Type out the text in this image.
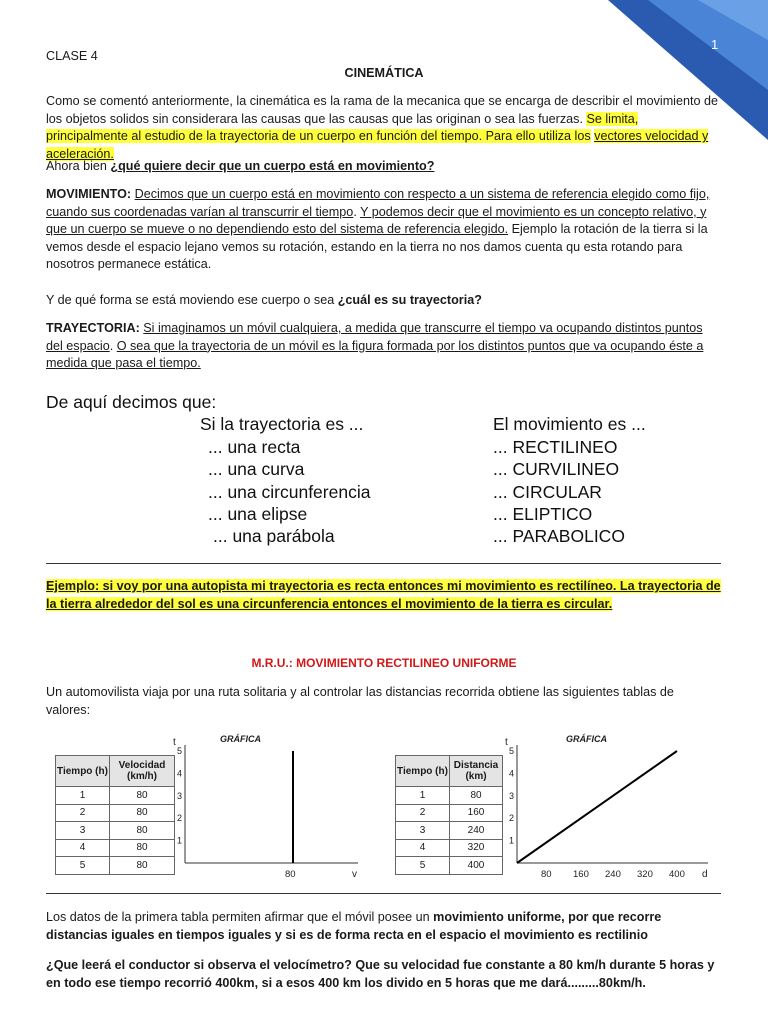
1
CLASE 4
CINEMÁTICA
Como se comentó anteriormente, la cinemática es la rama de la mecanica que se encarga de describir el movimiento de los objetos solidos sin considerara las causas que las causas que las originan o sea las fuerzas. Se limita, principalmente al estudio de la trayectoria de un cuerpo en función del tiempo. Para ello utiliza los vectores velocidad y aceleración.
Ahora bien ¿qué quiere decir que un cuerpo está en movimiento?
MOVIMIENTO: Decimos que un cuerpo está en movimiento con respecto a un sistema de referencia elegido como fijo, cuando sus coordenadas varían al transcurrir el tiempo. Y podemos decir que el movimiento es un concepto relativo, y que un cuerpo se mueve o no dependiendo esto del sistema de referencia elegido. Ejemplo la rotación de la tierra si la vemos desde el espacio lejano vemos su rotación, estando en la tierra no nos damos cuenta qu esta rotando para nosotros permanece estática.
Y de qué forma se está moviendo ese cuerpo o sea ¿cuál es su trayectoria?
TRAYECTORIA: Si imaginamos un móvil cualquiera, a medida que transcurre el tiempo va ocupando distintos puntos del espacio. O sea que la trayectoria de un móvil es la figura formada por los distintos puntos que va ocupando éste a medida que pasa el tiempo.
De aquí decimos que:
Si la trayectoria es ...	El movimiento es ...
... una recta	... RECTILINEO
... una curva	... CURVILINEO
... una circunferencia	... CIRCULAR
... una elipse	... ELIPTICO
... una parábola	... PARABOLICO
Ejemplo: si voy por una autopista mi trayectoria es recta entonces mi movimiento es rectilíneo. La trayectoria de la tierra alrededor del sol es una circunferencia entonces el movimiento de la tierra es circular.
M.R.U.: MOVIMIENTO RECTILINEO UNIFORME
Un automovilista viaja por una ruta solitaria y al controlar las distancias recorrida obtiene las siguientes tablas de valores:
Tiempo (h)	Velocidad (km/h)
1	80
2	80
3	80
4	80
5	80
Tiempo (h)	Distancia (km)
1	80
2	160
3	240
4	320
5	400
GRÁFICA
t
v
1
2
3
4
5
80
GRÁFICA
t
d
1
2
3
4
5
80 160 240 320 400
Los datos de la primera tabla permiten afirmar que el móvil posee un movimiento uniforme, por que recorre distancias iguales en tiempos iguales y si es de forma recta en el espacio el movimiento es rectilinio
¿Que leerá el conductor si observa el velocímetro? Que su velocidad fue constante a 80 km/h durante 5 horas y en todo ese tiempo recorrió 400km, si a esos 400 km los divido en 5 horas que me dará.........80km/h.
